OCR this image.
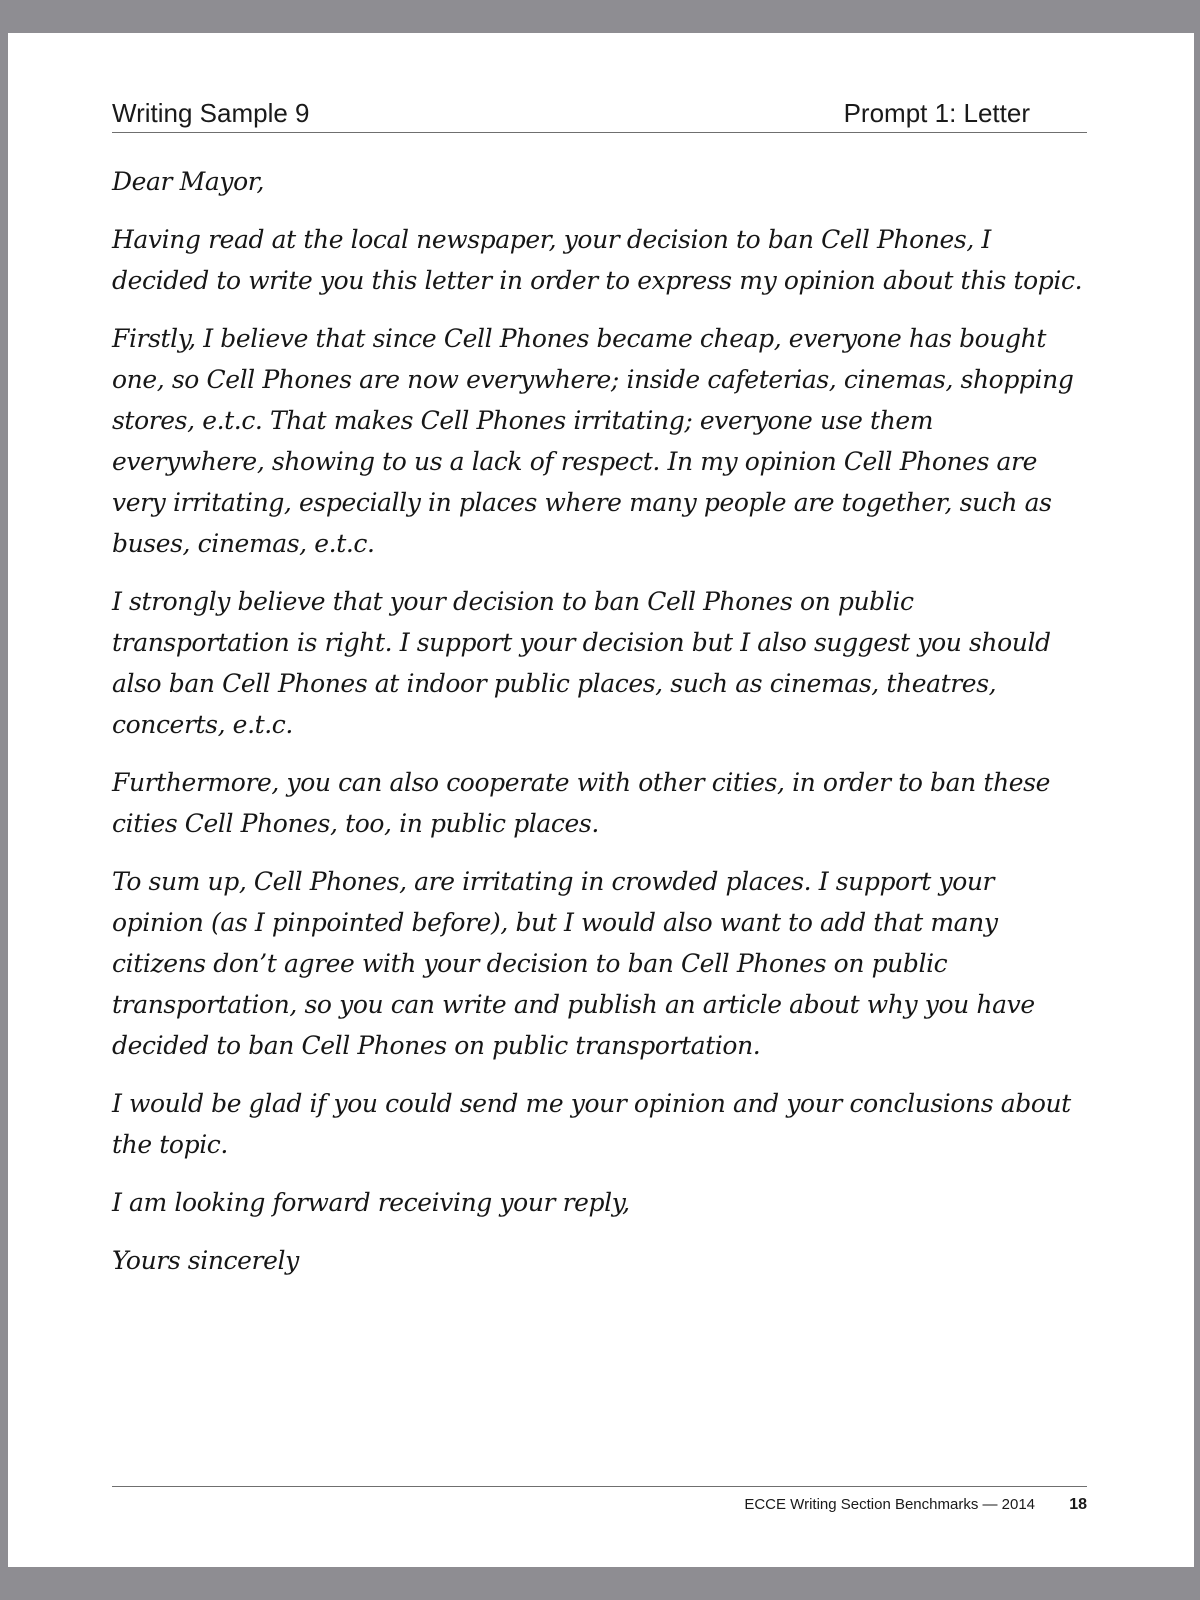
Writing Sample 9	Prompt 1: Letter

Dear Mayor,

Having read at the local newspaper, your decision to ban Cell Phones, I decided to write you this letter in order to express my opinion about this topic.

Firstly, I believe that since Cell Phones became cheap, everyone has bought one, so Cell Phones are now everywhere; inside cafeterias, cinemas, shopping stores, e.t.c. That makes Cell Phones irritating; everyone use them everywhere, showing to us a lack of respect. In my opinion Cell Phones are very irritating, especially in places where many people are together, such as buses, cinemas, e.t.c.

I strongly believe that your decision to ban Cell Phones on public transportation is right. I support your decision but I also suggest you should also ban Cell Phones at indoor public places, such as cinemas, theatres, concerts, e.t.c.

Furthermore, you can also cooperate with other cities, in order to ban these cities Cell Phones, too, in public places.

To sum up, Cell Phones, are irritating in crowded places. I support your opinion (as I pinpointed before), but I would also want to add that many citizens don’t agree with your decision to ban Cell Phones on public transportation, so you can write and publish an article about why you have decided to ban Cell Phones on public transportation.

I would be glad if you could send me your opinion and your conclusions about the topic.

I am looking forward receiving your reply,

Yours sincerely

ECCE Writing Section Benchmarks — 2014 18
